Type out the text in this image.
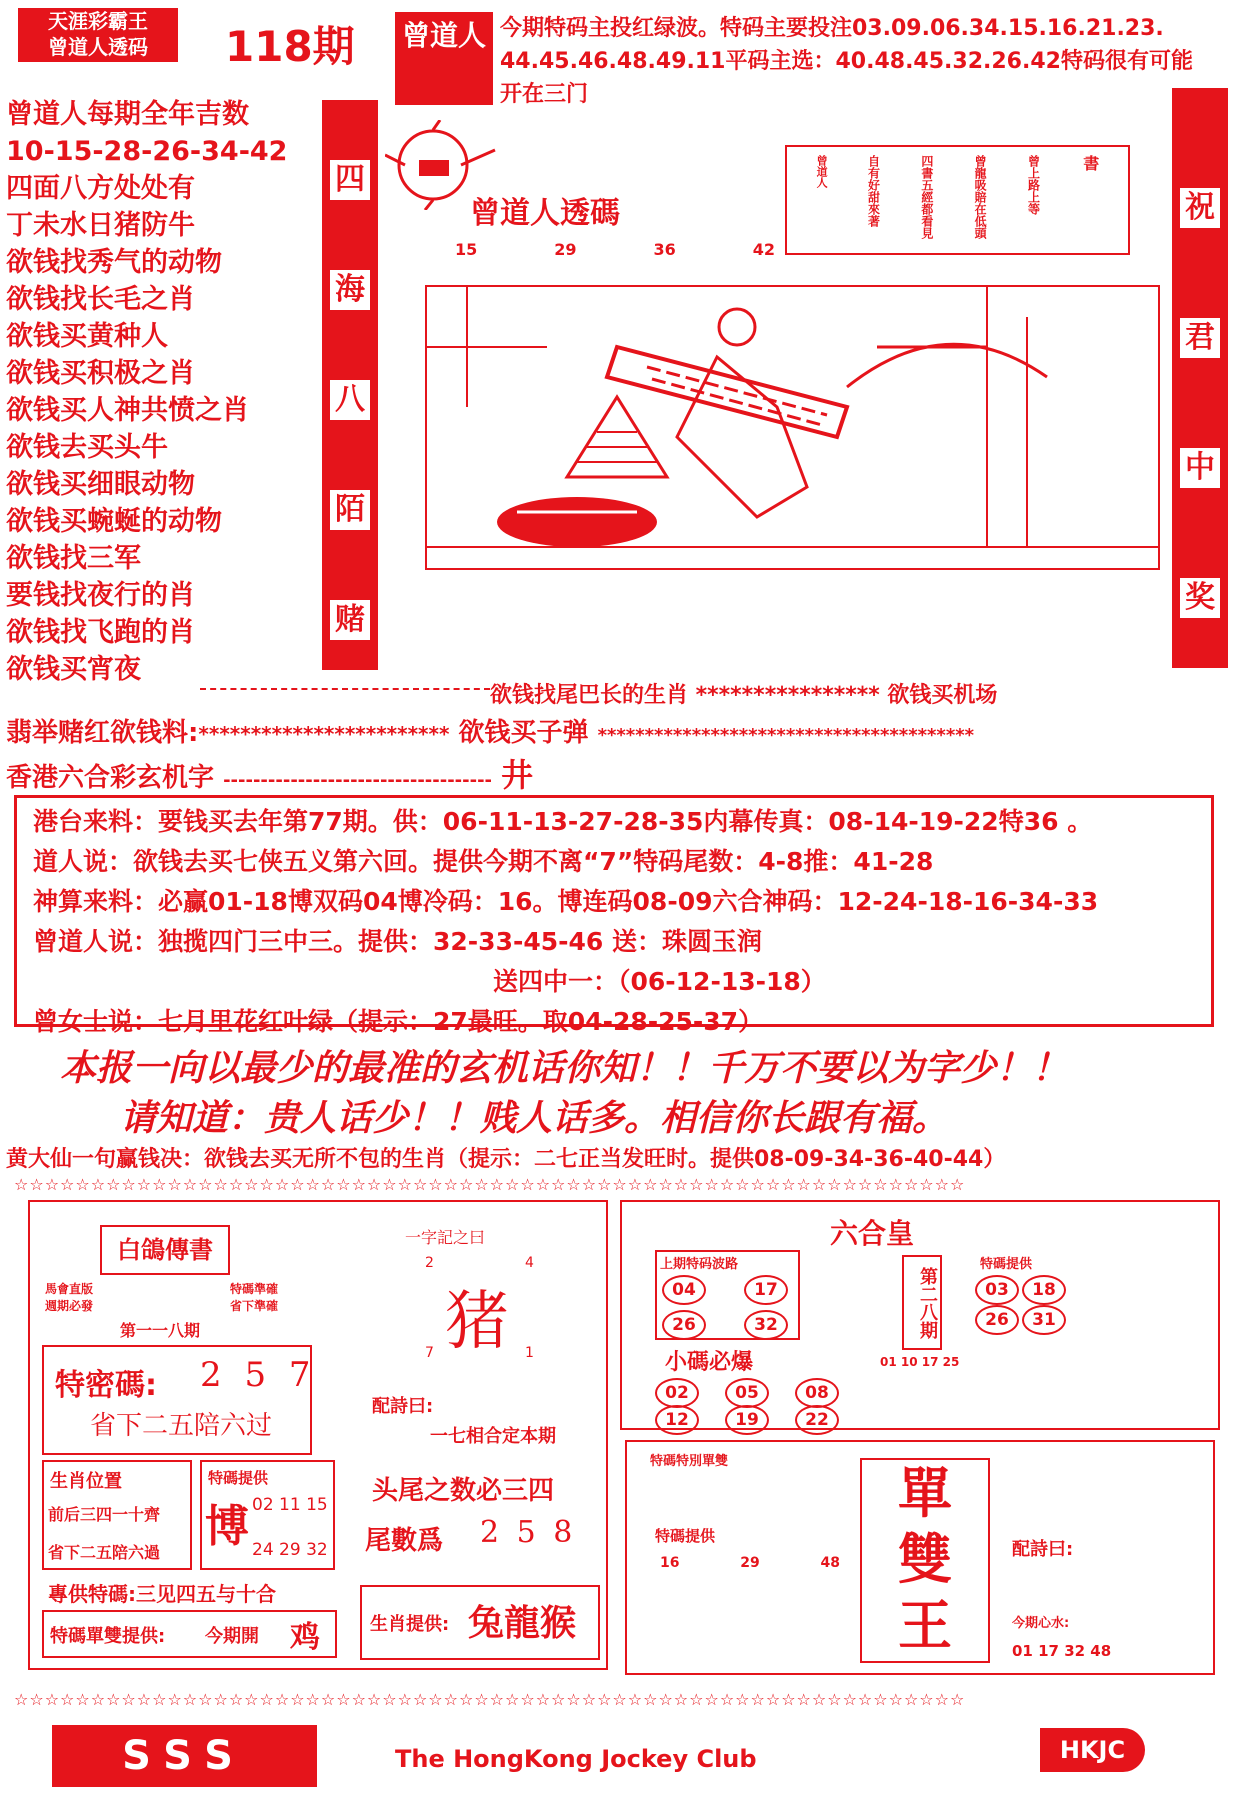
天涯彩霸王
曾道人透码	118期 曾道人 今期特码主投红绿波。特码主要投注03.09.06.34.15.16.21.23.
44.45.46.48.49.11平码主选：40.48.45.32.26.42特码很有可能
开在三门
曾道人每期全年吉数
10-15-28-26-34-42
四面八方处处有
丁未水日猪防牛
欲钱找秀气的动物
欲钱找长毛之肖
欲钱买黄种人
欲钱买积极之肖
欲钱买人神共愤之肖
欲钱去买头牛
欲钱买细眼动物
欲钱买蜿蜒的动物
欲钱找三军
要钱找夜行的肖
欲钱找飞跑的肖
欲钱买宵夜
四
海
八
陌
赌
祝
君
中
奖
曾道人透碼
15	29	36	42
書
曾上路上等
曾龍吸賠在低頭
四書五經都看見
自有好甜來著
曾道人
欲钱找尾巴长的生肖 **************** 欲钱买机场
翡举赌红欲钱料:************************ 欲钱买子弹 ****************************************
香港六合彩玄机字 ------------------------------------ 井
港台来料：要钱买去年第77期。供：06-11-13-27-28-35内幕传真：08-14-19-22特36 。
道人说：欲钱去买七侠五义第六回。提供今期不离“7”特码尾数：4-8推：41-28
神算来料：必赢01-18博双码04博冷码：16。博连码08-09六合神码：12-24-18-16-34-33
曾道人说：独揽四门三中三。提供：32-33-45-46 送：珠圆玉润
送四中一：（06-12-13-18）
曾女士说：七月里花红叶绿（提示：27最旺。取04-28-25-37）
本报一向以最少的最准的玄机话你知！！千万不要以为字少！！
请知道：贵人话少！！贱人话多。相信你长跟有福。
黄大仙一句赢钱决：欲钱去买无所不包的生肖（提示：二七正当发旺时。提供08-09-34-36-40-44）
☆☆☆☆☆☆☆☆☆☆☆☆☆☆☆☆☆☆☆☆☆☆☆☆☆☆☆☆☆☆☆☆☆☆☆☆☆☆☆☆☆☆☆☆☆☆☆☆☆☆☆☆☆☆☆☆☆☆☆☆☆☆
☆☆☆☆☆☆☆☆☆☆☆☆☆☆☆☆☆☆☆☆☆☆☆☆☆☆☆☆☆☆☆☆☆☆☆☆☆☆☆☆☆☆☆☆☆☆☆☆☆☆☆☆☆☆☆☆☆☆☆☆☆☆
白鴿傳書
馬會直版
週期必發
特碼準確
省下準確
第一一八期
特密碼: 2 5 7
省下二五陪六过
生肖位置
前后三四一十齊
省下二五陪六過
特碼提供
博 02 11 15
24 29 32
專供特碼:三见四五与十合
特碼單雙提供: 今期開 鸡
一字記之曰
2	4
猪
7	1
配詩曰:
一七相合定本期
头尾之数必三四
尾數爲 2 5 8
生肖提供: 兔龍猴
六合皇
上期特码波路
04	17
26	32	第二八期
特碼提供
03	18
26	31
小碼必爆	01 10 17 25
02	05	08
12	19	22
特碼特別單雙	單
雙
王
特碼提供
16	29	48
配詩曰:
今期心水:
01 17 32 48
SSS	The HongKong Jockey Club	HKJC
